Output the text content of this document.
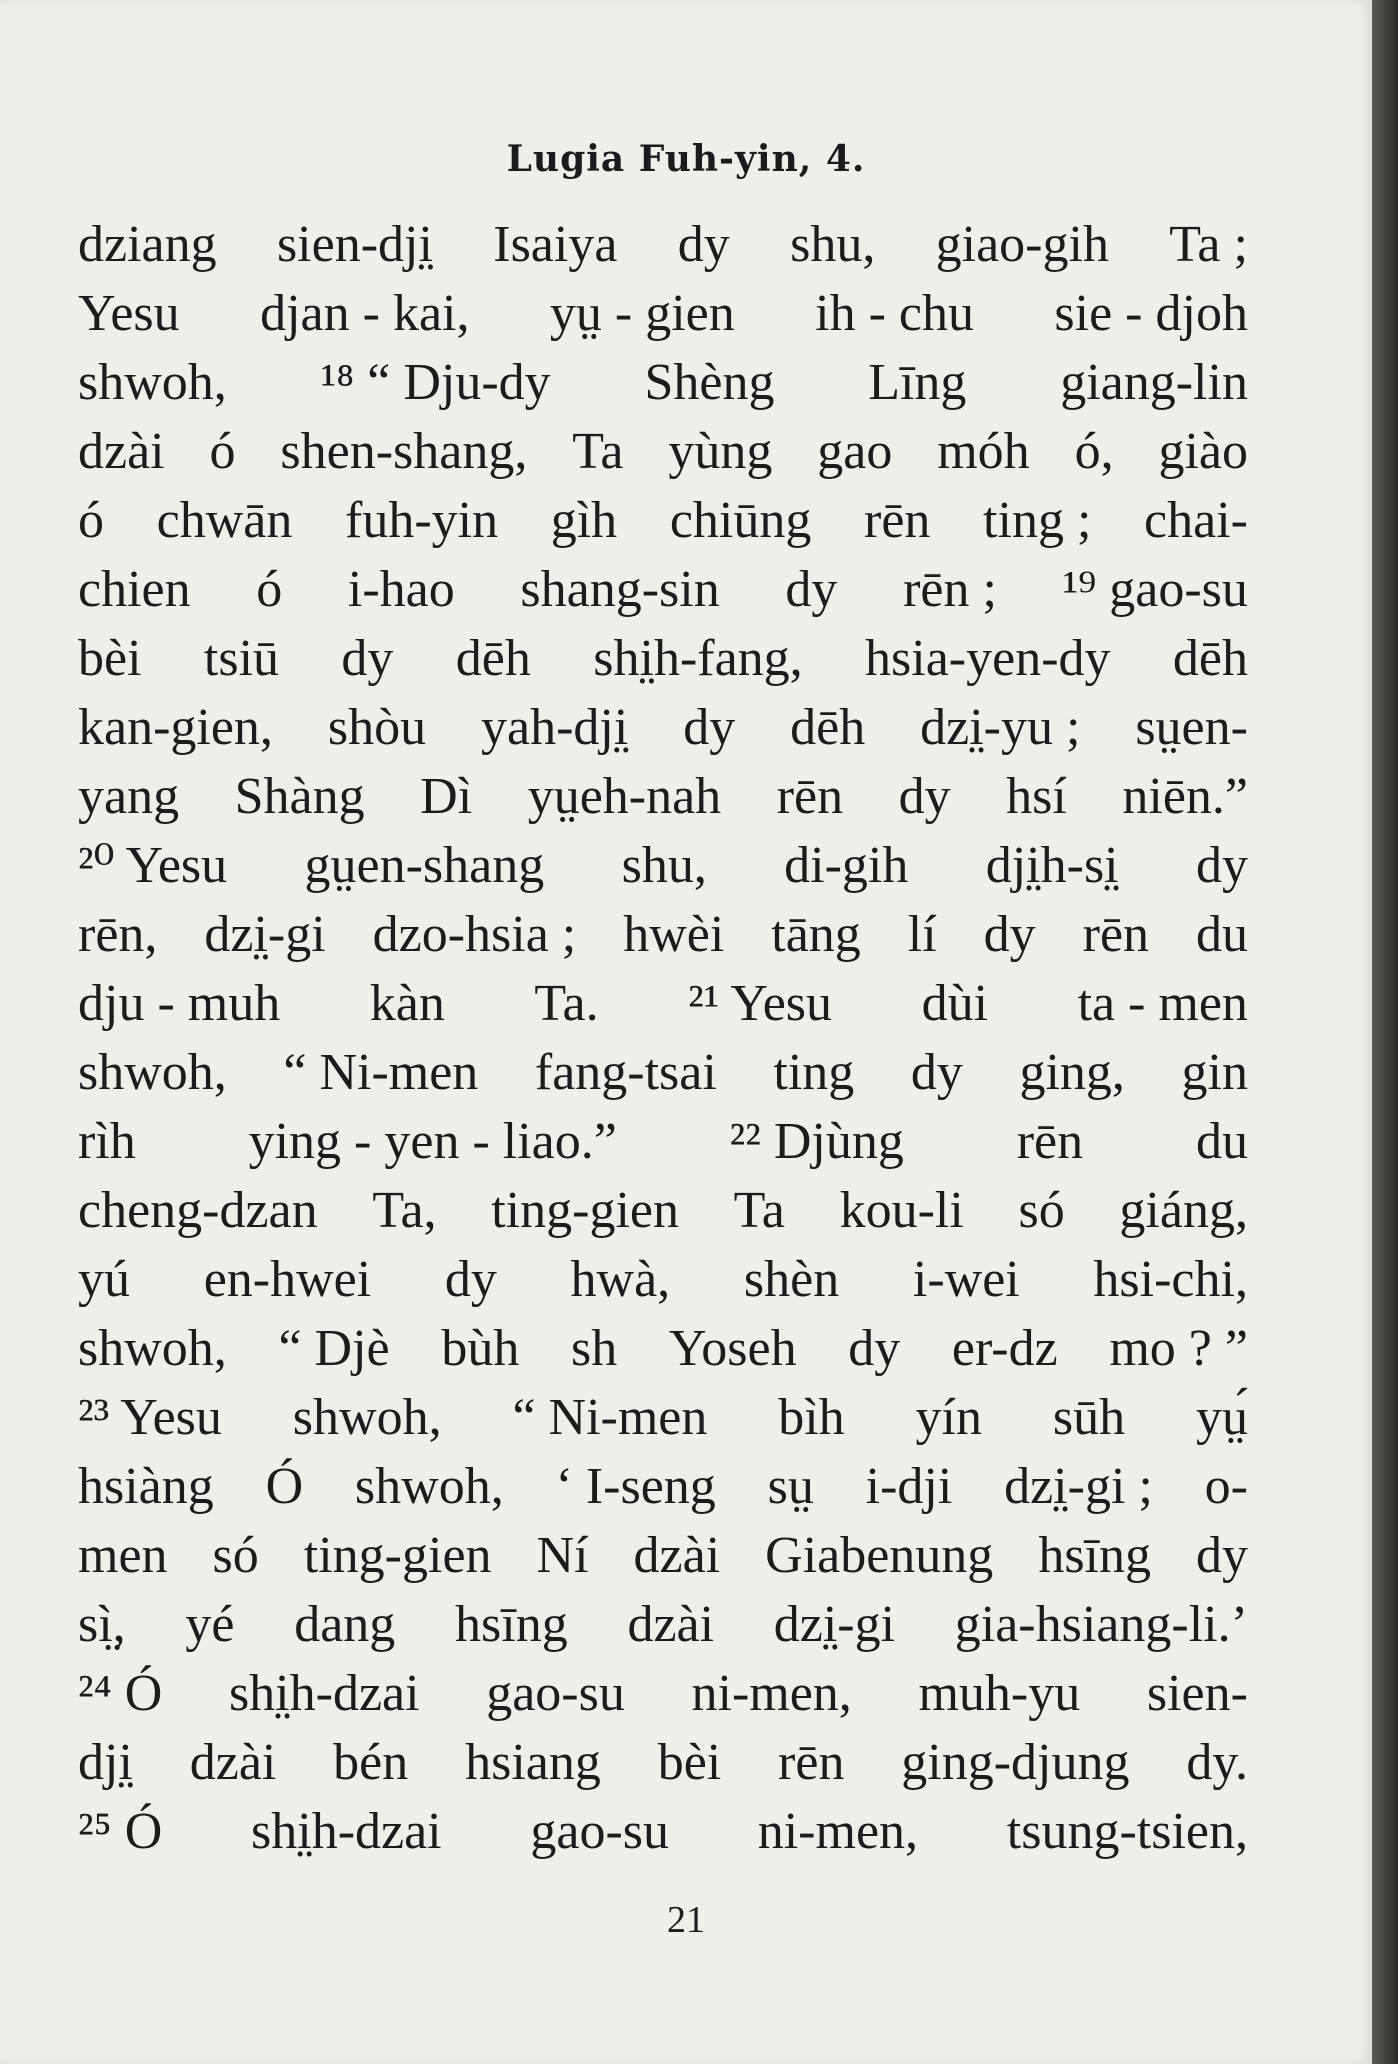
Lugia Fuh-yin, 4.
dziang sien-dji̤ Isaiya dy shu, giao-gih Ta ;
Yesu djan - kai, yṳ - gien ih - chu sie - djoh
shwoh, ¹⁸ “ Dju-dy Shèng Līng giang-lin
dzài ó shen-shang, Ta yùng gao móh ó, giào
ó chwān fuh-yin gìh chiūng rēn ting ; chai-
chien ó i-hao shang-sin dy rēn ; ¹⁹ gao-su
bèi tsiū dy dēh shi̤h-fang, hsia-yen-dy dēh
kan-gien, shòu yah-dji̤ dy dēh dzi̤-yu ; sṳen-
yang Shàng Dì yṳeh-nah rēn dy hsí niēn.”
²⁰ Yesu gṳen-shang shu, di-gih dji̤h-si̤ dy
rēn, dzi̤-gi dzo-hsia ; hwèi tāng lí dy rēn du
dju - muh kàn Ta. ²¹ Yesu dùi ta - men
shwoh, “ Ni-men fang-tsai ting dy ging, gin
rìh ying - yen - liao.” ²² Djùng rēn du
cheng-dzan Ta, ting-gien Ta kou-li só giáng,
yú en-hwei dy hwà, shèn i-wei hsi-chi,
shwoh, “ Djè bùh sh Yoseh dy er-dz mo ? ”
²³ Yesu shwoh, “ Ni-men bìh yín sūh yṳ́
hsiàng Ó shwoh, ‘ I-seng sṳ i-dji dzi̤-gi ; o-
men só ting-gien Ní dzài Giabenung hsīng dy
sì̤, yé dang hsīng dzài dzi̤-gi gia-hsiang-li.’
²⁴ Ó shi̤h-dzai gao-su ni-men, muh-yu sien-
dji̤ dzài bén hsiang bèi rēn ging-djung dy.
²⁵ Ó shi̤h-dzai gao-su ni-men, tsung-tsien,
21
